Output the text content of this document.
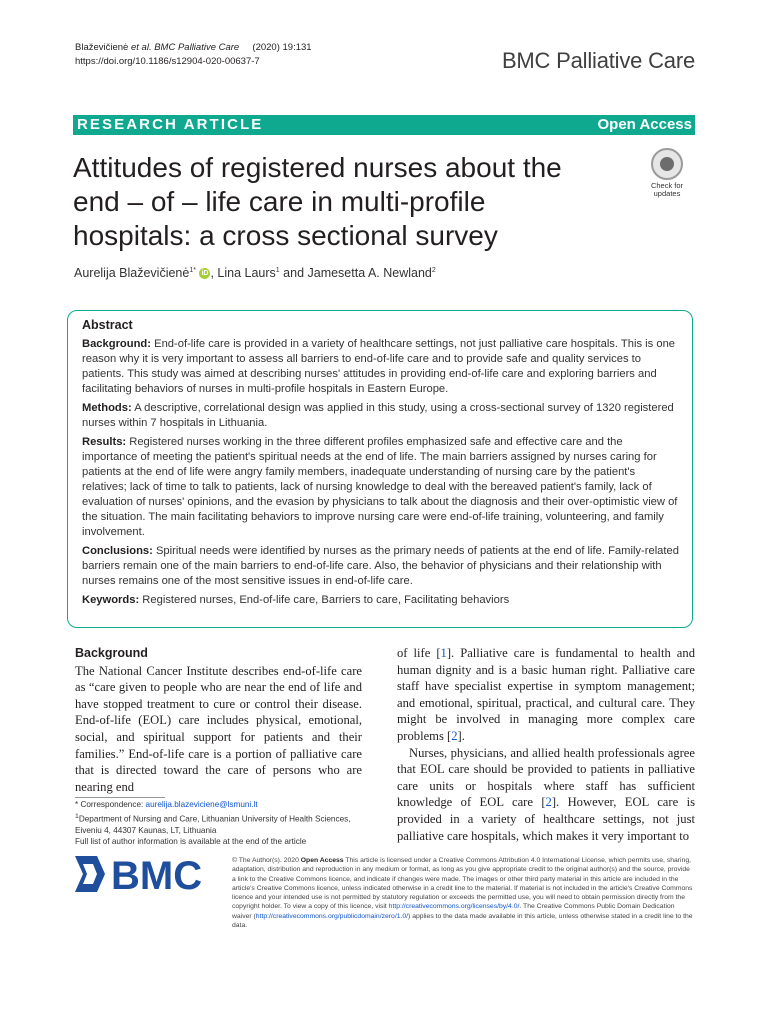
Blaževičienė et al. BMC Palliative Care (2020) 19:131
https://doi.org/10.1186/s12904-020-00637-7	BMC Palliative Care
RESEARCH ARTICLE	Open Access
Attitudes of registered nurses about the end – of – life care in multi-profile hospitals: a cross sectional survey
Check for
updates
Aurelija Blaževičienė$^{1*}$ iD , Lina Laurs$^1$ and Jamesetta A. Newland$^2$
Abstract

Background: End-of-life care is provided in a variety of healthcare settings, not just palliative care hospitals. This is one reason why it is very important to assess all barriers to end-of-life care and to provide safe and quality services to patients. This study was aimed at describing nurses' attitudes in providing end-of-life care and exploring barriers and facilitating behaviors of nurses in multi-profile hospitals in Eastern Europe.

Methods: A descriptive, correlational design was applied in this study, using a cross-sectional survey of 1320 registered nurses within 7 hospitals in Lithuania.

Results: Registered nurses working in the three different profiles emphasized safe and effective care and the importance of meeting the patient's spiritual needs at the end of life. The main barriers assigned by nurses caring for patients at the end of life were angry family members, inadequate understanding of nursing care by the patient's relatives; lack of time to talk to patients, lack of nursing knowledge to deal with the bereaved patient's family, lack of evaluation of nurses' opinions, and the evasion by physicians to talk about the diagnosis and their over-optimistic view of the situation. The main facilitating behaviors to improve nursing care were end-of-life training, volunteering, and family involvement.

Conclusions: Spiritual needs were identified by nurses as the primary needs of patients at the end of life. Family-related barriers remain one of the main barriers to end-of-life care. Also, the behavior of physicians and their relationship with nurses remains one of the most sensitive issues in end-of-life care.

Keywords: Registered nurses, End-of-life care, Barriers to care, Facilitating behaviors

Background
The National Cancer Institute describes end-of-life care as “care given to people who are near the end of life and have stopped treatment to cure or control their disease. End-of-life (EOL) care includes physical, emotional, social, and spiritual support for patients and their families.” End-of-life care is a portion of palliative care that is directed toward the care of persons who are nearing end

of life [1]. Palliative care is fundamental to health and human dignity and is a basic human right. Palliative care staff have specialist expertise in symptom management; and emotional, spiritual, practical, and cultural care. They might be involved in managing more complex care problems [2].

Nurses, physicians, and allied health professionals agree that EOL care should be provided to patients in palliative care units or hospitals where staff has sufficient knowledge of EOL care [2]. However, EOL care is provided in a variety of healthcare settings, not just palliative care hospitals, which makes it very important to

* Correspondence: aurelija.blazeviciene@lsmuni.lt
$^1$Department of Nursing and Care, Lithuanian University of Health Sciences, Eiveniu 4, 44307 Kaunas, LT, Lithuania
Full list of author information is available at the end of the article
BMC	© The Author(s). 2020 Open Access This article is licensed under a Creative Commons Attribution 4.0 International License, which permits use, sharing, adaptation, distribution and reproduction in any medium or format, as long as you give appropriate credit to the original author(s) and the source, provide a link to the Creative Commons licence, and indicate if changes were made. The images or other third party material in this article are included in the article's Creative Commons licence, unless indicated otherwise in a credit line to the material. If material is not included in the article's Creative Commons licence and your intended use is not permitted by statutory regulation or exceeds the permitted use, you will need to obtain permission directly from the copyright holder. To view a copy of this licence, visit http://creativecommons.org/licenses/by/4.0/. The Creative Commons Public Domain Dedication waiver (http://creativecommons.org/publicdomain/zero/1.0/) applies to the data made available in this article, unless otherwise stated in a credit line to the data.
